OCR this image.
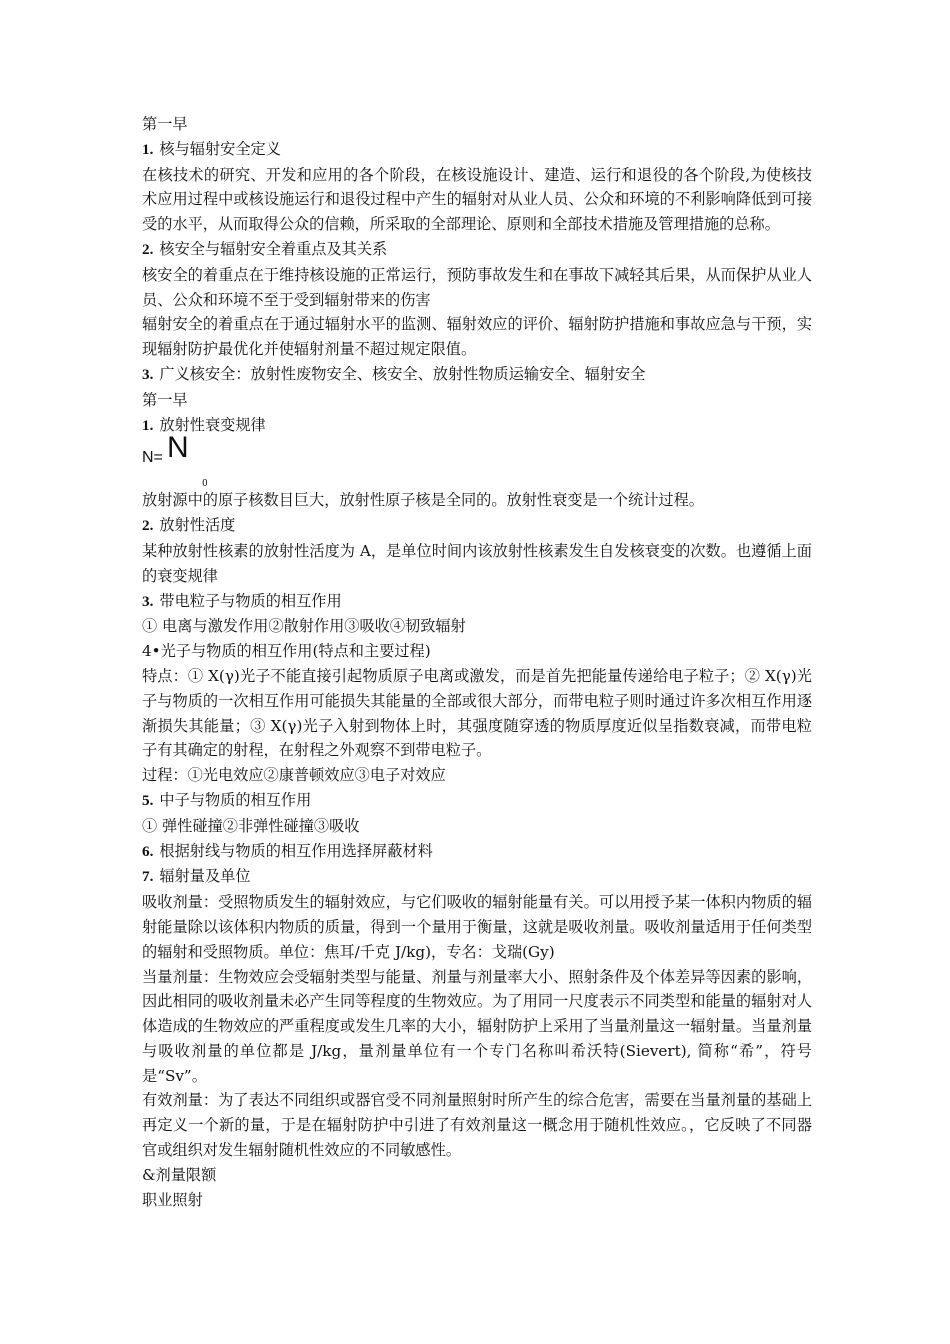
第一早

1. 核与辐射安全定义

在核技术的研究、开发和应用的各个阶段，在核设施设计、建造、运行和退役的各个阶段,为使核技术应用过程中或核设施运行和退役过程中产生的辐射对从业人员、公众和环境的不利影响降低到可接受的水平，从而取得公众的信赖，所采取的全部理论、原则和全部技术措施及管理措施的总称。

2. 核安全与辐射安全着重点及其关系

核安全的着重点在于维持核设施的正常运行，预防事故发生和在事故下减轻其后果，从而保护从业人员、公众和环境不至于受到辐射带来的伤害

辐射安全的着重点在于通过辐射水平的监测、辐射效应的评价、辐射防护措施和事故应急与干预，实现辐射防护最优化并使辐射剂量不超过规定限值。

3. 广义核安全：放射性废物安全、核安全、放射性物质运输安全、辐射安全

第一早

1. 放射性衰变规律

N= N
0

放射源中的原子核数目巨大，放射性原子核是全同的。放射性衰变是一个统计过程。

2. 放射性活度

某种放射性核素的放射性活度为 A，是单位时间内该放射性核素发生自发核衰变的次数。也遵循上面的衰变规律

3. 带电粒子与物质的相互作用

① 电离与激发作用②散射作用③吸收④韧致辐射

4•光子与物质的相互作用(特点和主要过程)

特点：① Χ(γ)光子不能直接引起物质原子电离或激发，而是首先把能量传递给电子粒子；② Χ(γ)光子与物质的一次相互作用可能损失其能量的全部或很大部分，而带电粒子则时通过许多次相互作用逐渐损失其能量；③ Χ(γ)光子入射到物体上时，其强度随穿透的物质厚度近似呈指数衰减，而带电粒子有其确定的射程，在射程之外观察不到带电粒子。

过程：①光电效应②康普顿效应③电子对效应

5. 中子与物质的相互作用

① 弹性碰撞②非弹性碰撞③吸收

6. 根据射线与物质的相互作用选择屏蔽材料

7. 辐射量及单位

吸收剂量：受照物质发生的辐射效应，与它们吸收的辐射能量有关。可以用授予某一体积内物质的辐射能量除以该体积内物质的质量，得到一个量用于衡量，这就是吸收剂量。吸收剂量适用于任何类型的辐射和受照物质。单位：焦耳/千克 J/kg)，专名：戈瑞(Gy)

当量剂量：生物效应会受辐射类型与能量、剂量与剂量率大小、照射条件及个体差异等因素的影响，因此相同的吸收剂量未必产生同等程度的生物效应。为了用同一尺度表示不同类型和能量的辐射对人体造成的生物效应的严重程度或发生几率的大小，辐射防护上采用了当量剂量这一辐射量。当量剂量与吸收剂量的单位都是 J/kg，量剂量单位有一个专门名称叫希沃特(Sievert), 简称“希”，符号是“Sv”。

有效剂量：为了表达不同组织或器官受不同剂量照射时所产生的综合危害，需要在当量剂量的基础上再定义一个新的量，于是在辐射防护中引进了有效剂量这一概念用于随机性效应。，它反映了不同器官或组织对发生辐射随机性效应的不同敏感性。

&剂量限额

职业照射
